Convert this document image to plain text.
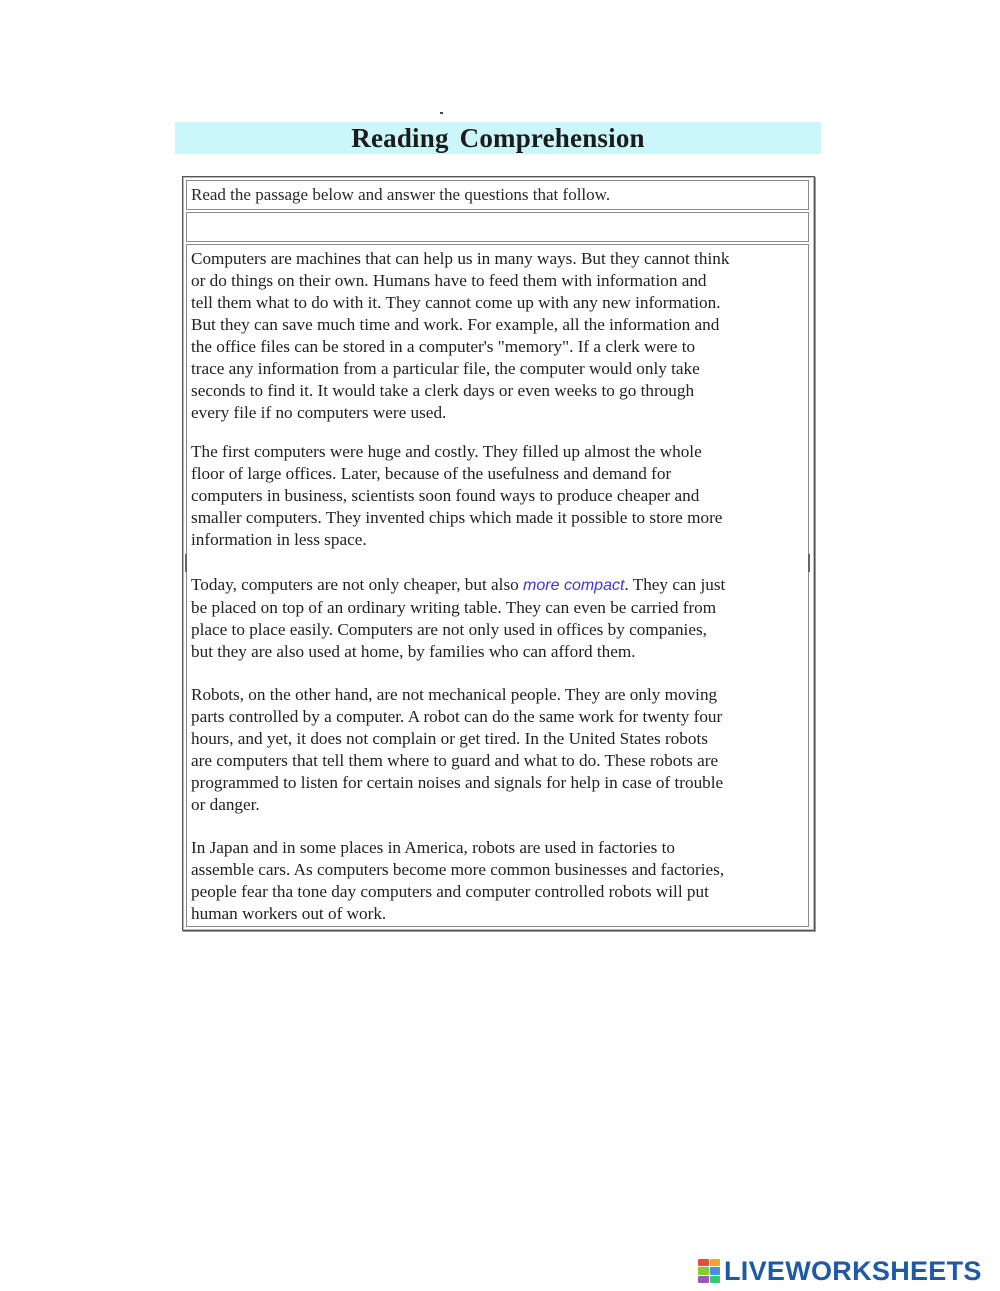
Reading Comprehension
Read the passage below and answer the questions that follow.
Computers are machines that can help us in many ways. But they cannot think
or do things on their own. Humans have to feed them with information and
tell them what to do with it. They cannot come up with any new information.
But they can save much time and work. For example, all the information and
the office files can be stored in a computer's "memory". If a clerk were to
trace any information from a particular file, the computer would only take
seconds to find it. It would take a clerk days or even weeks to go through
every file if no computers were used.
The first computers were huge and costly. They filled up almost the whole
floor of large offices. Later, because of the usefulness and demand for
computers in business, scientists soon found ways to produce cheaper and
smaller computers. They invented chips which made it possible to store more
information in less space.
Today, computers are not only cheaper, but also more compact. They can just
be placed on top of an ordinary writing table. They can even be carried from
place to place easily. Computers are not only used in offices by companies,
but they are also used at home, by families who can afford them.
Robots, on the other hand, are not mechanical people. They are only moving
parts controlled by a computer. A robot can do the same work for twenty four
hours, and yet, it does not complain or get tired. In the United States robots
are computers that tell them where to guard and what to do. These robots are
programmed to listen for certain noises and signals for help in case of trouble
or danger.
In Japan and in some places in America, robots are used in factories to
assemble cars. As computers become more common businesses and factories,
people fear tha tone day computers and computer controlled robots will put
human workers out of work.
LIVEWORKSHEETS
